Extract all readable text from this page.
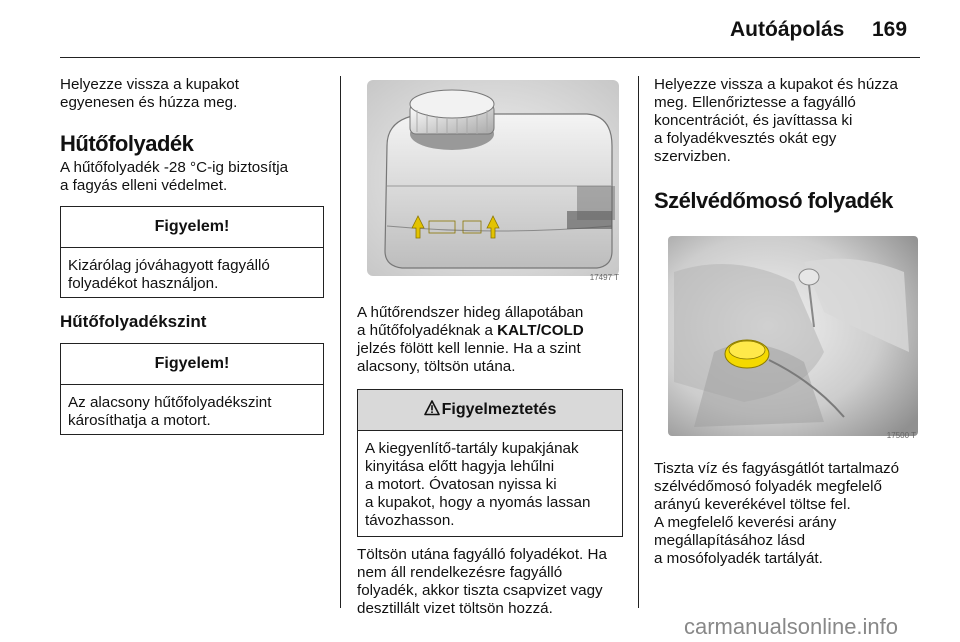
Autóápolás 169

Helyezze vissza a kupakot
egyenesen és húzza meg.

Hűtőfolyadék

A hűtőfolyadék -28 °C-ig biztosítja
a fagyás elleni védelmet.

Figyelem!

Kizárólag jóváhagyott fagyálló
folyadékot használjon.

Hűtőfolyadékszint
Figyelem!

Az alacsony hűtőfolyadékszint
károsíthatja a motort.

17497 T

A hűtőrendszer hideg állapotában
a hűtőfolyadéknak a KALT/COLD
jelzés fölött kell lennie. Ha a szint
alacsony, töltsön utána.

Figyelmeztetés

A kiegyenlítő-tartály kupakjának
kinyitása előtt hagyja lehűlni
a motort. Óvatosan nyissa ki
a kupakot, hogy a nyomás lassan
távozhasson.

Töltsön utána fagyálló folyadékot. Ha
nem áll rendelkezésre fagyálló
folyadék, akkor tiszta csapvizet vagy
desztillált vizet töltsön hozzá.

Helyezze vissza a kupakot és húzza
meg. Ellenőriztesse a fagyálló
koncentrációt, és javíttassa ki
a folyadékvesztés okát egy
szervizben.

Szélvédőmosó folyadék
17500 T

Tiszta víz és fagyásgátlót tartalmazó
szélvédőmosó folyadék megfelelő
arányú keverékével töltse fel.
A megfelelő keverési arány
megállapításához lásd
a mosófolyadék tartályát.

carmanualsonline.info
